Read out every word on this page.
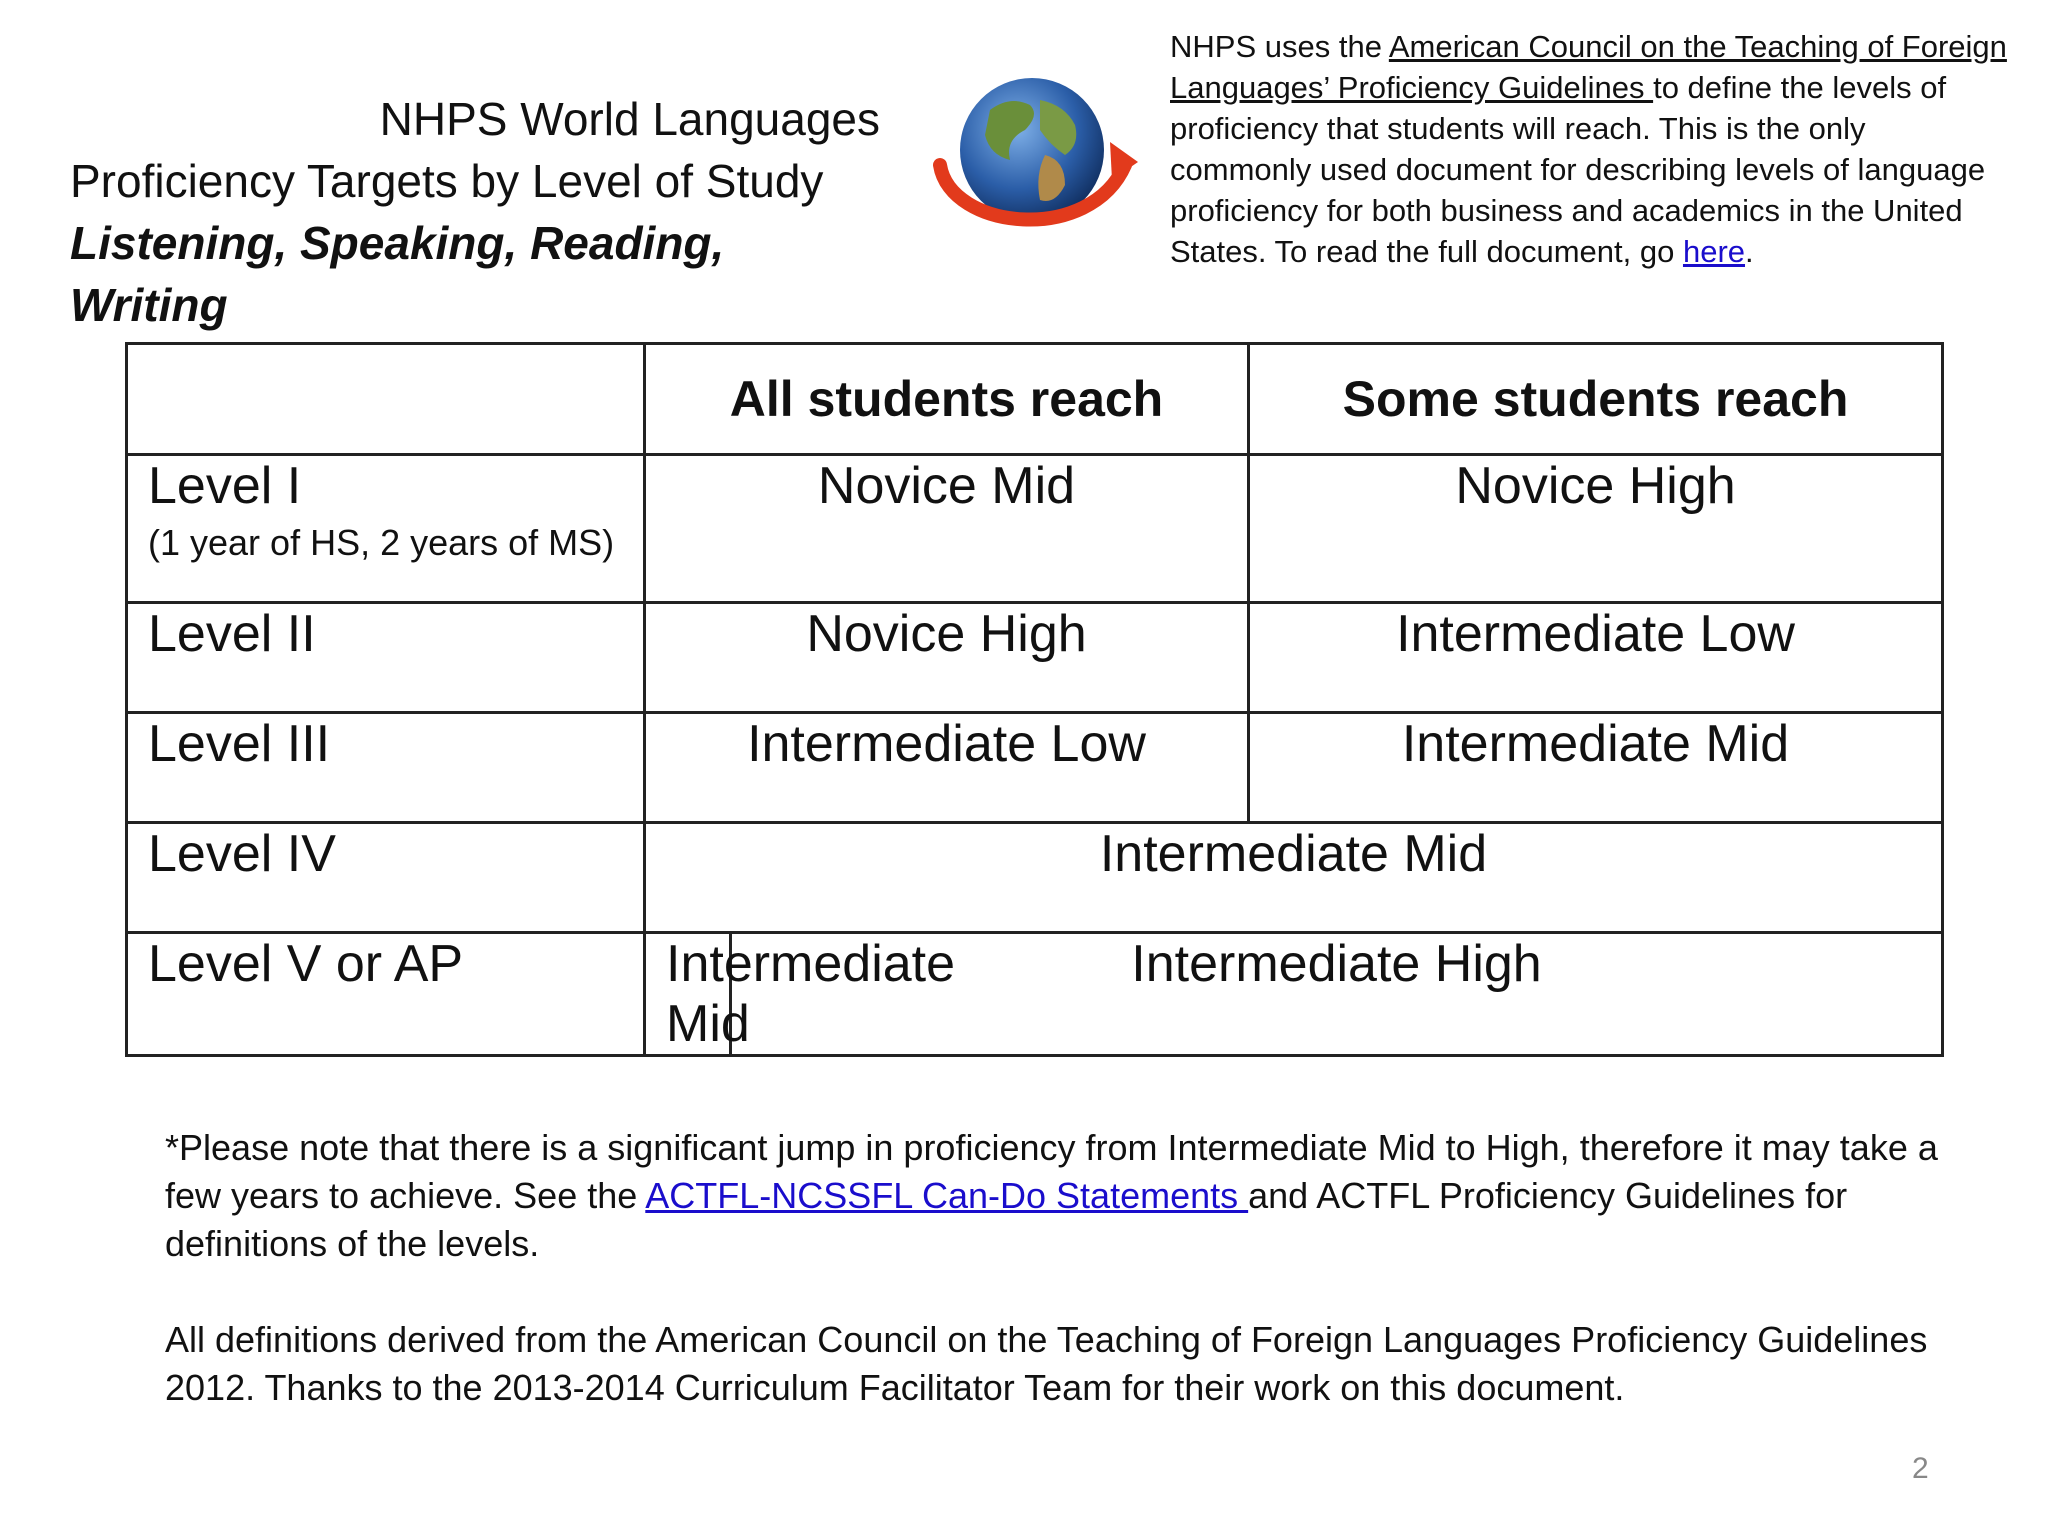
NHPS World Languages
Proficiency Targets by Level of Study
Listening, Speaking, Reading, Writing
NHPS uses the American Council on the Teaching of Foreign Languages’ Proficiency Guidelines to define the levels of proficiency that students will reach. This is the only commonly used document for describing levels of language proficiency for both business and academics in the United States. To read the full document, go here.
	All students reach		Some students reach
Level I
(1 year of HS, 2 years of MS)	Novice Mid		Novice High
Level II	Novice High		Intermediate Low
Level III	Intermediate Low		Intermediate Mid
Level IV	Intermediate Mid		
Level V or AP	Intermediate Mid	Intermediate High	
*Please note that there is a significant jump in proficiency from Intermediate Mid to High, therefore it may take a few years to achieve. See the ACTFL-NCSSFL Can-Do Statements and ACTFL Proficiency Guidelines for definitions of the levels.
All definitions derived from the American Council on the Teaching of Foreign Languages Proficiency Guidelines 2012. Thanks to the 2013-2014 Curriculum Facilitator Team for their work on this document.
2
